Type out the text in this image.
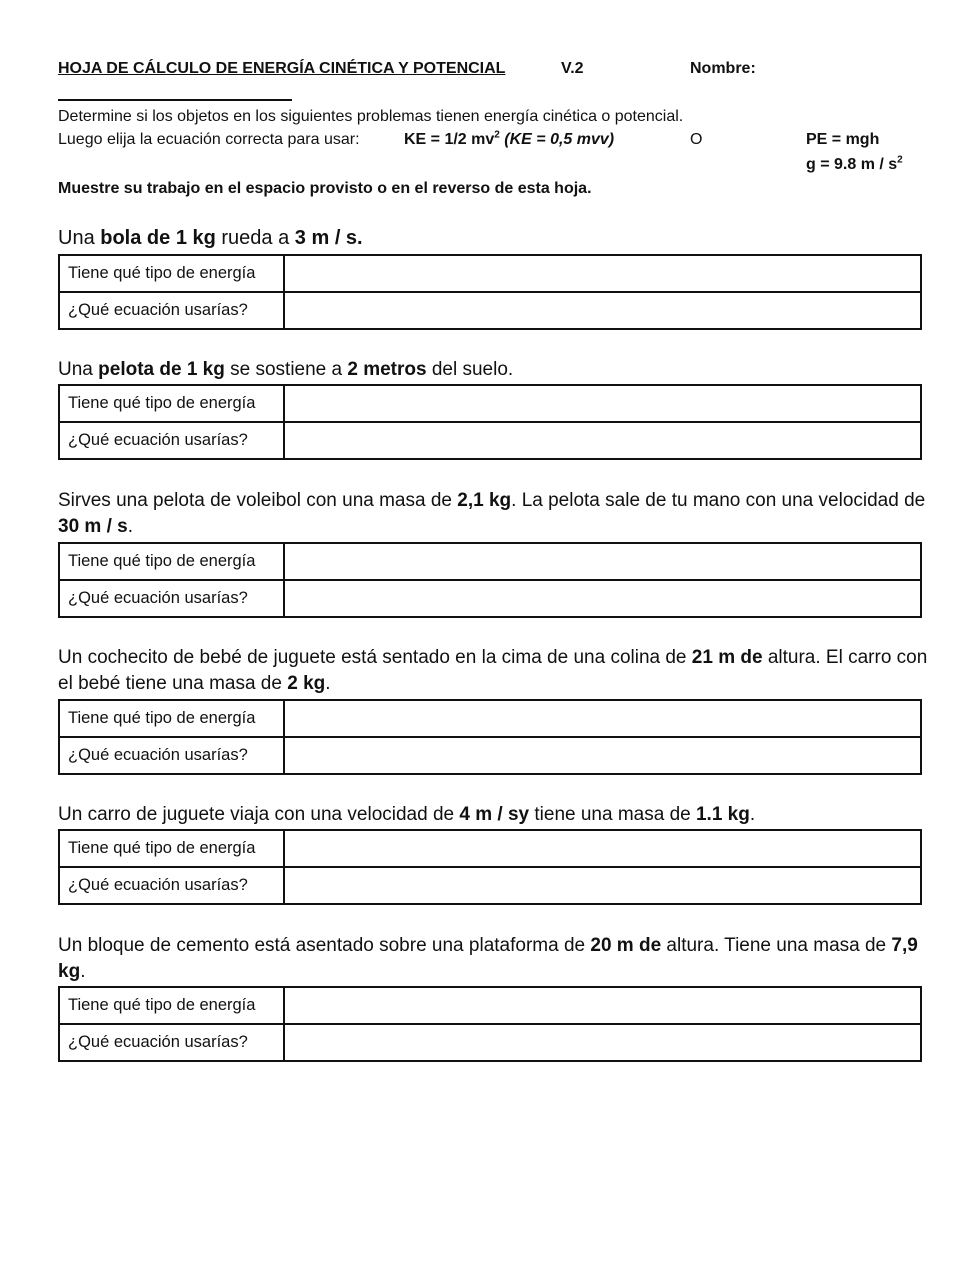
HOJA DE CÁLCULO DE ENERGÍA CINÉTICA Y POTENCIAL	V.2	Nombre:
Determine si los objetos en los siguientes problemas tienen energía cinética o potencial.
Luego elija la ecuación correcta para usar:	KE = 1/2 $mv^2$ (KE = 0,5 mvv)	O	PE = mgh
g = 9.8 m / $s^2$
Muestre su trabajo en el espacio provisto o en el reverso de esta hoja.
Una bola de 1 kg rueda a 3 m / s.
Tiene qué tipo de energía	
¿Qué ecuación usarías?	
Una pelota de 1 kg se sostiene a 2 metros del suelo.
Tiene qué tipo de energía	
¿Qué ecuación usarías?	
Sirves una pelota de voleibol con una masa de 2,1 kg. La pelota sale de tu mano con una velocidad de 30 m / s.
Tiene qué tipo de energía	
¿Qué ecuación usarías?	
Un cochecito de bebé de juguete está sentado en la cima de una colina de 21 m de altura. El carro con el bebé tiene una masa de 2 kg.
Tiene qué tipo de energía	
¿Qué ecuación usarías?	
Un carro de juguete viaja con una velocidad de 4 m / sy tiene una masa de 1.1 kg.
Tiene qué tipo de energía	
¿Qué ecuación usarías?	
Un bloque de cemento está asentado sobre una plataforma de 20 m de altura. Tiene una masa de 7,9 kg.
Tiene qué tipo de energía	
¿Qué ecuación usarías?	
